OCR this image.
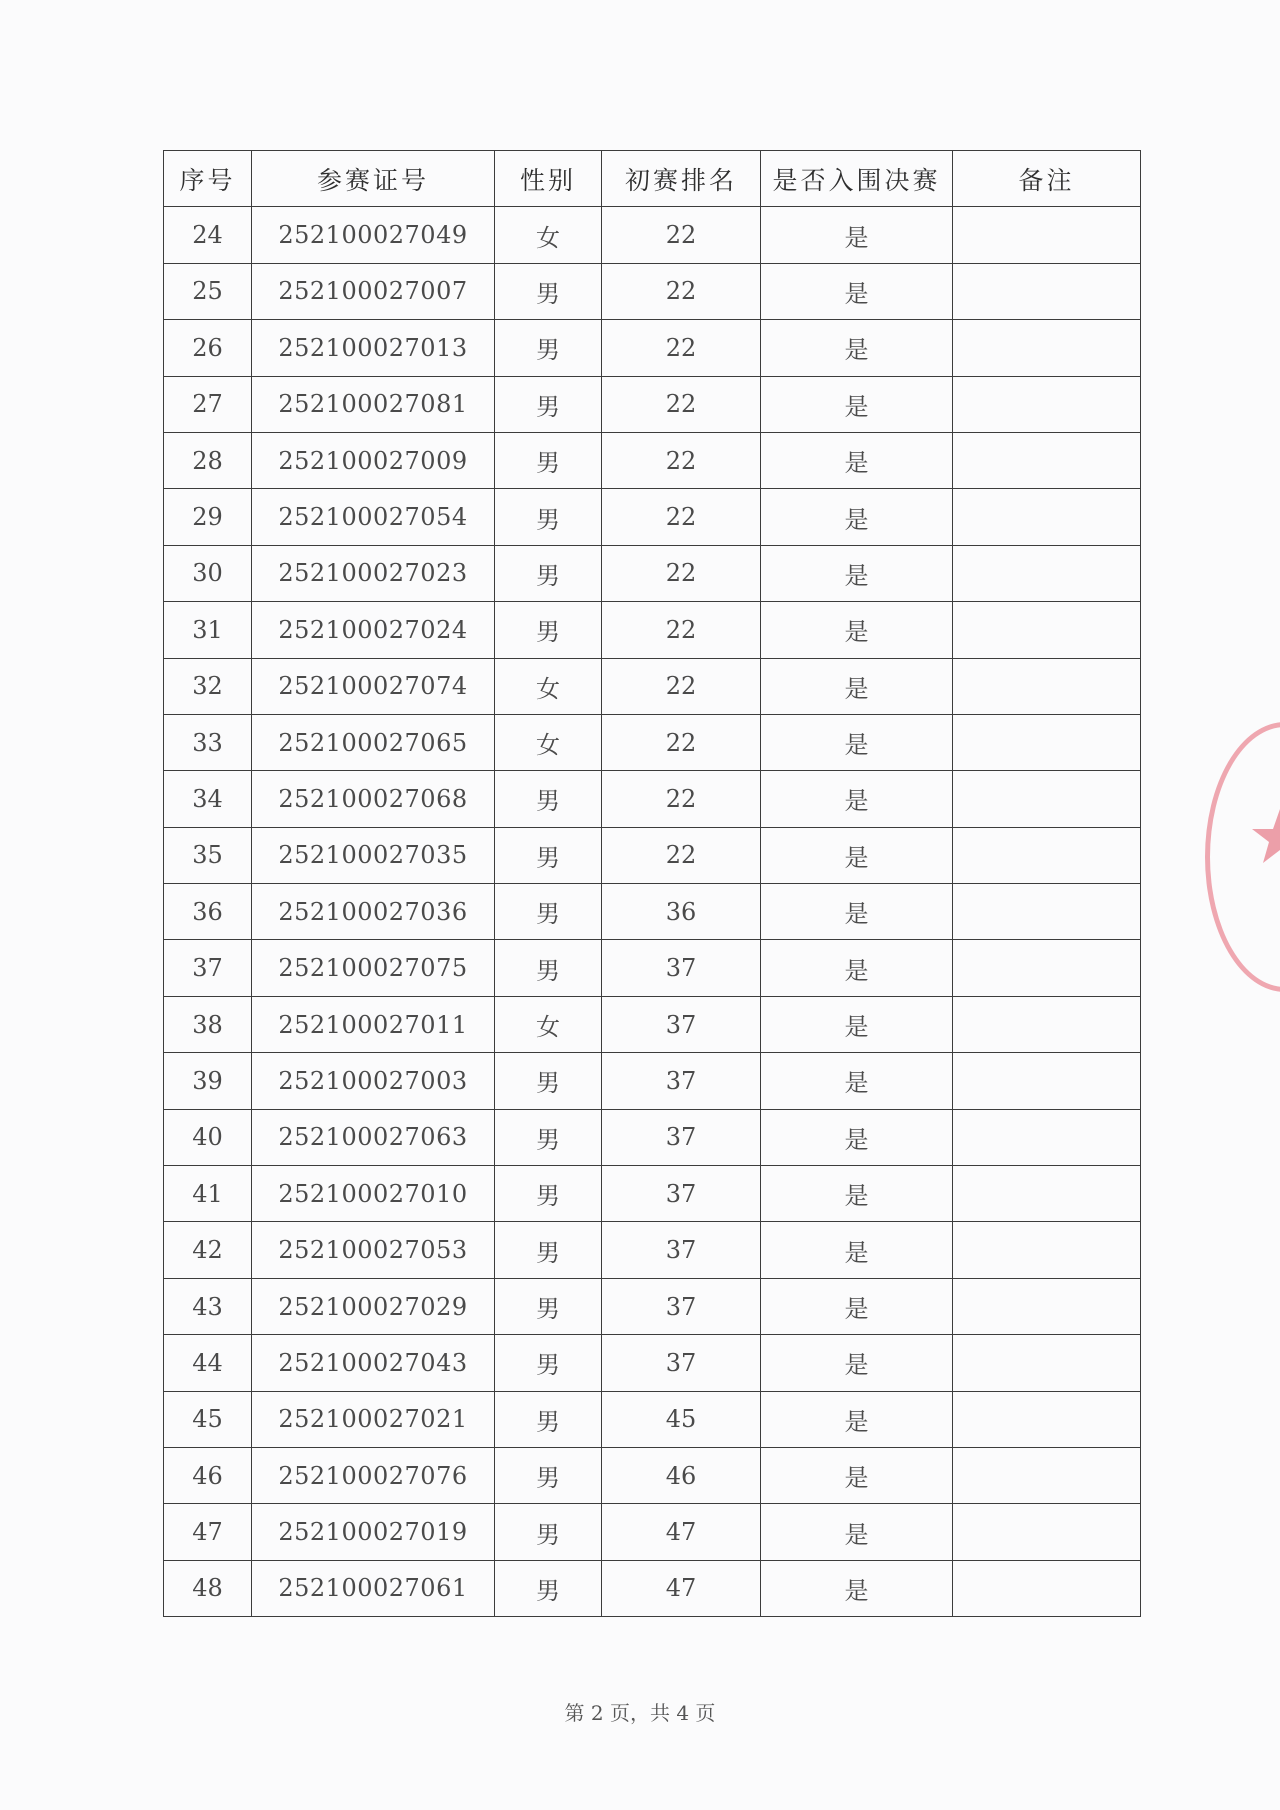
序号	参赛证号	性别	初赛排名	是否入围决赛	备注
24	252100027049	女	22	是	
25	252100027007	男	22	是	
26	252100027013	男	22	是	
27	252100027081	男	22	是	
28	252100027009	男	22	是	
29	252100027054	男	22	是	
30	252100027023	男	22	是	
31	252100027024	男	22	是	
32	252100027074	女	22	是	
33	252100027065	女	22	是	
34	252100027068	男	22	是	
35	252100027035	男	22	是	
36	252100027036	男	36	是	
37	252100027075	男	37	是	
38	252100027011	女	37	是	
39	252100027003	男	37	是	
40	252100027063	男	37	是	
41	252100027010	男	37	是	
42	252100027053	男	37	是	
43	252100027029	男	37	是	
44	252100027043	男	37	是	
45	252100027021	男	45	是	
46	252100027076	男	46	是	
47	252100027019	男	47	是	
48	252100027061	男	47	是	
第 2 页，共 4 页
